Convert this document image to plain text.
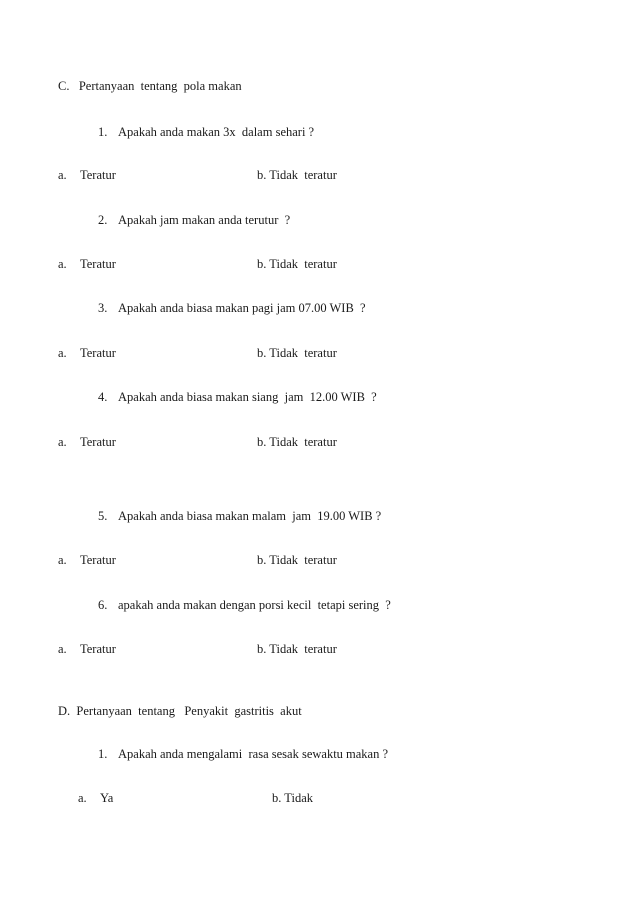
C.   Pertanyaan  tentang  pola makan
1. Apakah anda makan 3x  dalam sehari ?
a. Teratur	b. Tidak  teratur
2. Apakah jam makan anda terutur  ?
a. Teratur	b. Tidak  teratur
3. Apakah anda biasa makan pagi jam 07.00 WIB  ?
a. Teratur	b. Tidak  teratur
4. Apakah anda biasa makan siang  jam  12.00 WIB  ?
a. Teratur	b. Tidak  teratur
5. Apakah anda biasa makan malam  jam  19.00 WIB ?
a. Teratur	b. Tidak  teratur
6. apakah anda makan dengan porsi kecil  tetapi sering  ?
a. Teratur	b. Tidak  teratur
D.  Pertanyaan  tentang   Penyakit  gastritis  akut
1. Apakah anda mengalami  rasa sesak sewaktu makan ?
a. Ya	b. Tidak
